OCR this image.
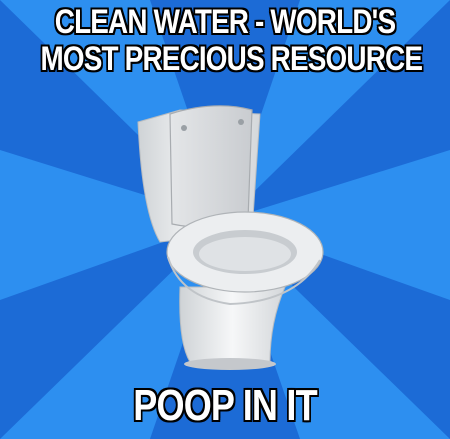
CLEAN WATER - WORLD'S
MOST PRECIOUS RESOURCE
POOP IN IT
